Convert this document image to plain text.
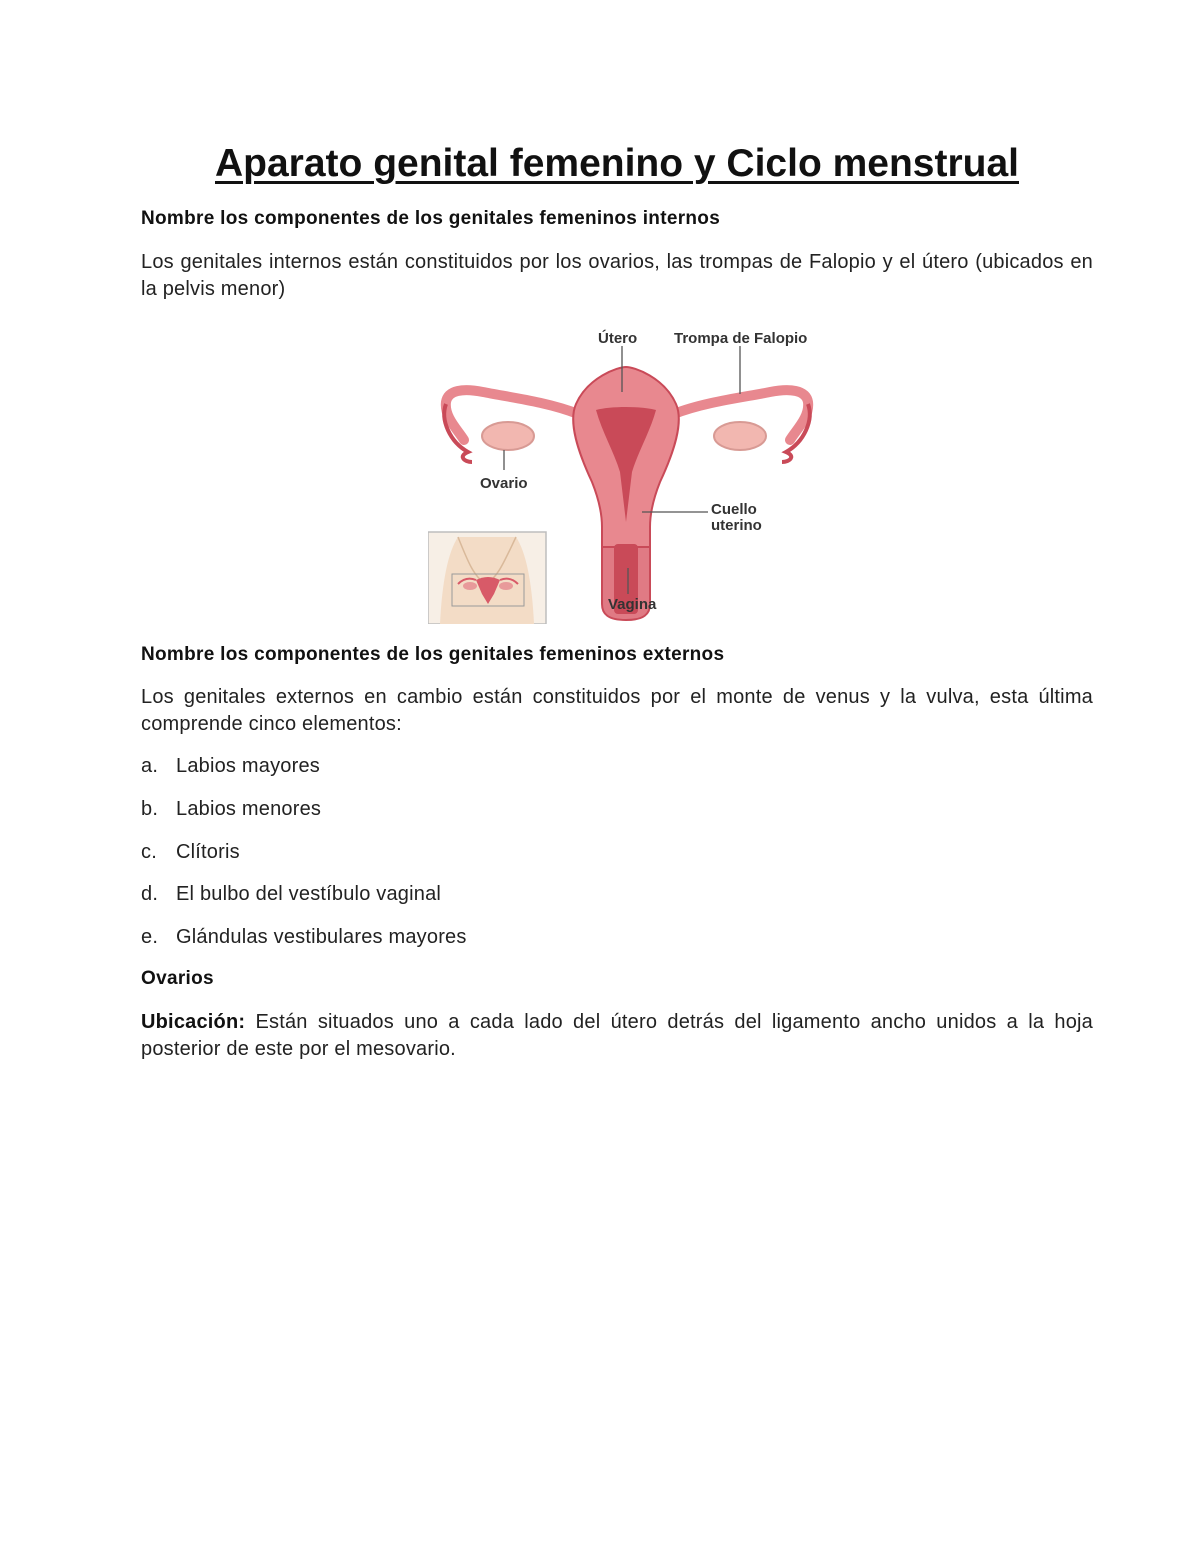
Aparato genital femenino y Ciclo menstrual

Nombre los componentes de los genitales femeninos internos

Los genitales internos están constituidos por los ovarios, las trompas de Falopio y el útero (ubicados en la pelvis menor)

Nombre los componentes de los genitales femeninos externos

Los genitales externos en cambio están constituidos por el monte de venus y la vulva, esta última comprende cinco elementos:

a. Labios mayores
b. Labios menores
c. Clítoris
d. El bulbo del vestíbulo vaginal
e. Glándulas vestibulares mayores

Ovarios

Ubicación: Están situados uno a cada lado del útero detrás del ligamento ancho unidos a la hoja posterior de este por el mesovario.

Útero Trompa de Falopio
Ovario
Cuello
uterino
Vagina
